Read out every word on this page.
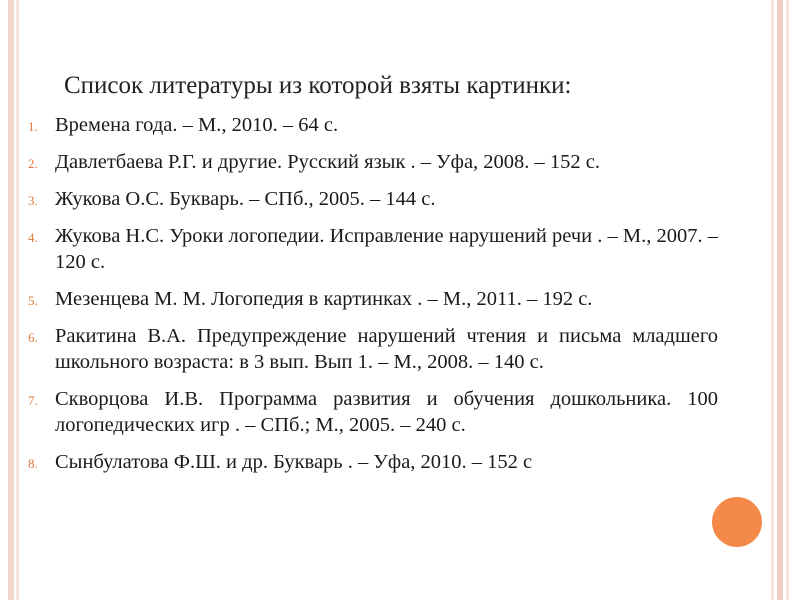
Список литературы из которой взяты картинки:
1. Времена года. – М., 2010. – 64 с.
2. Давлетбаева Р.Г. и другие. Русский язык . – Уфа, 2008. – 152 с.
3. Жукова О.С. Букварь. – СПб., 2005. – 144 с.
4. Жукова Н.С. Уроки логопедии. Исправление нарушений речи . – М., 2007. – 120 с.
5. Мезенцева М. М. Логопедия в картинках . – М., 2011. – 192 с.
6. Ракитина В.А. Предупреждение нарушений чтения и письма младшего школьного возраста: в 3 вып. Вып 1. – М., 2008. – 140 с.
7. Скворцова И.В. Программа развития и обучения дошкольника. 100 логопедических игр . – СПб.; М., 2005. – 240 с.
8. Сынбулатова Ф.Ш. и др. Букварь . – Уфа, 2010. – 152 с
